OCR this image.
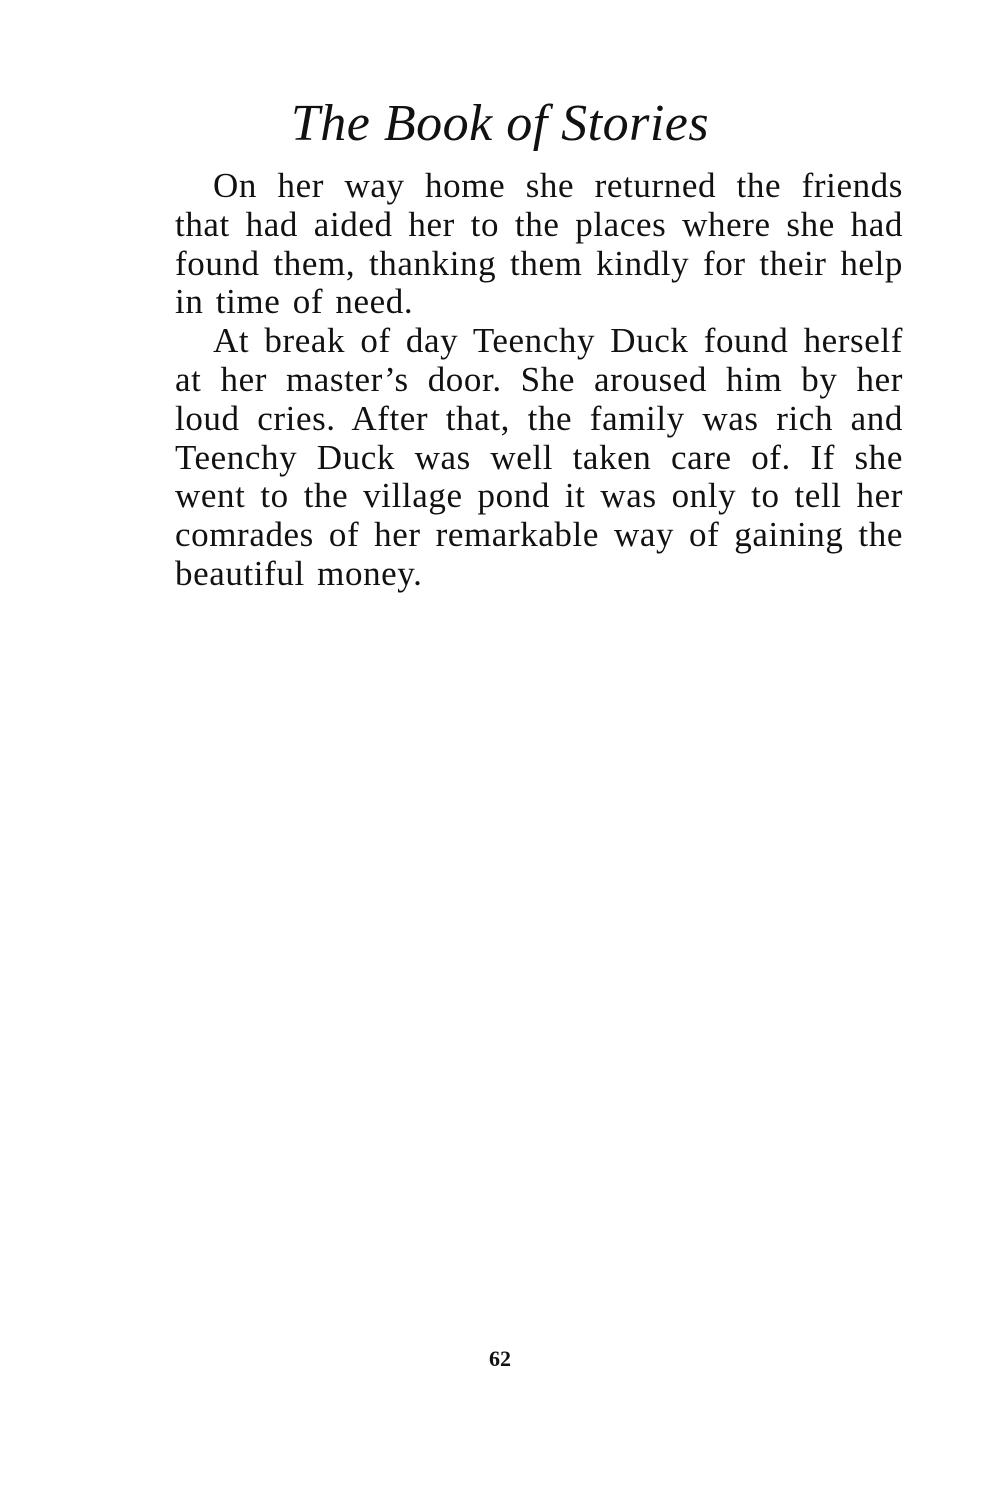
The Book of Stories

On her way home she returned the friends that had aided her to the places where she had found them, thanking them kindly for their help in time of need.

At break of day Teenchy Duck found herself at her master’s door. She aroused him by her loud cries. After that, the family was rich and Teenchy Duck was well taken care of. If she went to the village pond it was only to tell her comrades of her remarkable way of gaining the beautiful money.

62
